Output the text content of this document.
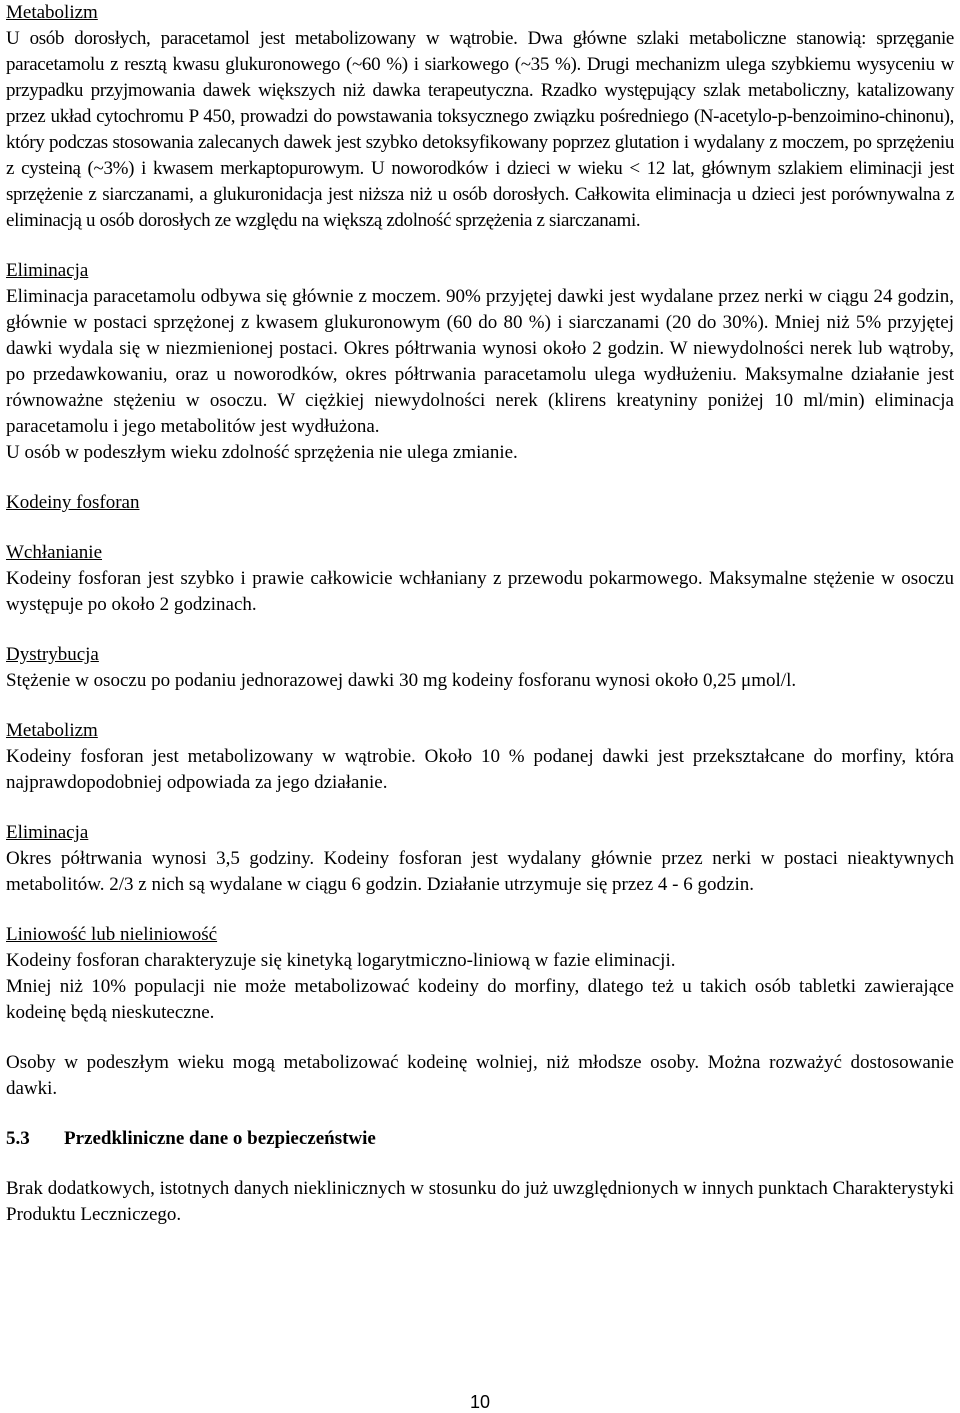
Metabolizm

U osób dorosłych, paracetamol jest metabolizowany w wątrobie. Dwa główne szlaki metaboliczne stanowią: sprzęganie paracetamolu z resztą kwasu glukuronowego (~60 %) i siarkowego (~35 %). Drugi mechanizm ulega szybkiemu wysyceniu w przypadku przyjmowania dawek większych niż dawka terapeutyczna. Rzadko występujący szlak metaboliczny, katalizowany przez układ cytochromu P 450, prowadzi do powstawania toksycznego związku pośredniego (N-acetylo-p-benzoimino-chinonu), który podczas stosowania zalecanych dawek jest szybko detoksyfikowany poprzez glutation i wydalany z moczem, po sprzężeniu z cysteiną (~3%) i kwasem merkaptopurowym. U noworodków i dzieci w wieku < 12 lat, głównym szlakiem eliminacji jest sprzężenie z siarczanami, a glukuronidacja jest niższa niż u osób dorosłych. Całkowita eliminacja u dzieci jest porównywalna z eliminacją u osób dorosłych ze względu na większą zdolność sprzężenia z siarczanami.

Eliminacja

Eliminacja paracetamolu odbywa się głównie z moczem. 90% przyjętej dawki jest wydalane przez nerki w ciągu 24 godzin, głównie w postaci sprzężonej z kwasem glukuronowym (60 do 80 %) i siarczanami (20 do 30%). Mniej niż 5% przyjętej dawki wydala się w niezmienionej postaci. Okres półtrwania wynosi około 2 godzin. W niewydolności nerek lub wątroby, po przedawkowaniu, oraz u noworodków, okres półtrwania paracetamolu ulega wydłużeniu. Maksymalne działanie jest równoważne stężeniu w osoczu. W ciężkiej niewydolności nerek (klirens kreatyniny poniżej 10 ml/min) eliminacja paracetamolu i jego metabolitów jest wydłużona.

U osób w podeszłym wieku zdolność sprzężenia nie ulega zmianie.

Kodeiny fosforan
Wchłanianie

Kodeiny fosforan jest szybko i prawie całkowicie wchłaniany z przewodu pokarmowego. Maksymalne stężenie w osoczu występuje po około 2 godzinach.

Dystrybucja

Stężenie w osoczu po podaniu jednorazowej dawki 30 mg kodeiny fosforanu wynosi około 0,25 μmol/l.

Metabolizm

Kodeiny fosforan jest metabolizowany w wątrobie. Około 10 % podanej dawki jest przekształcane do morfiny, która najprawdopodobniej odpowiada za jego działanie.

Eliminacja

Okres półtrwania wynosi 3,5 godziny. Kodeiny fosforan jest wydalany głównie przez nerki w postaci nieaktywnych metabolitów. 2/3 z nich są wydalane w ciągu 6 godzin. Działanie utrzymuje się przez 4 - 6 godzin.

Liniowość lub nieliniowość

Kodeiny fosforan charakteryzuje się kinetyką logarytmiczno-liniową w fazie eliminacji.

Mniej niż 10% populacji nie może metabolizować kodeiny do morfiny, dlatego też u takich osób tabletki zawierające kodeinę będą nieskuteczne.

Osoby w podeszłym wieku mogą metabolizować kodeinę wolniej, niż młodsze osoby. Można rozważyć dostosowanie dawki.

5.3 Przedkliniczne dane o bezpieczeństwie

Brak dodatkowych, istotnych danych nieklinicznych w stosunku do już uwzględnionych w innych punktach Charakterystyki Produktu Leczniczego.

10
